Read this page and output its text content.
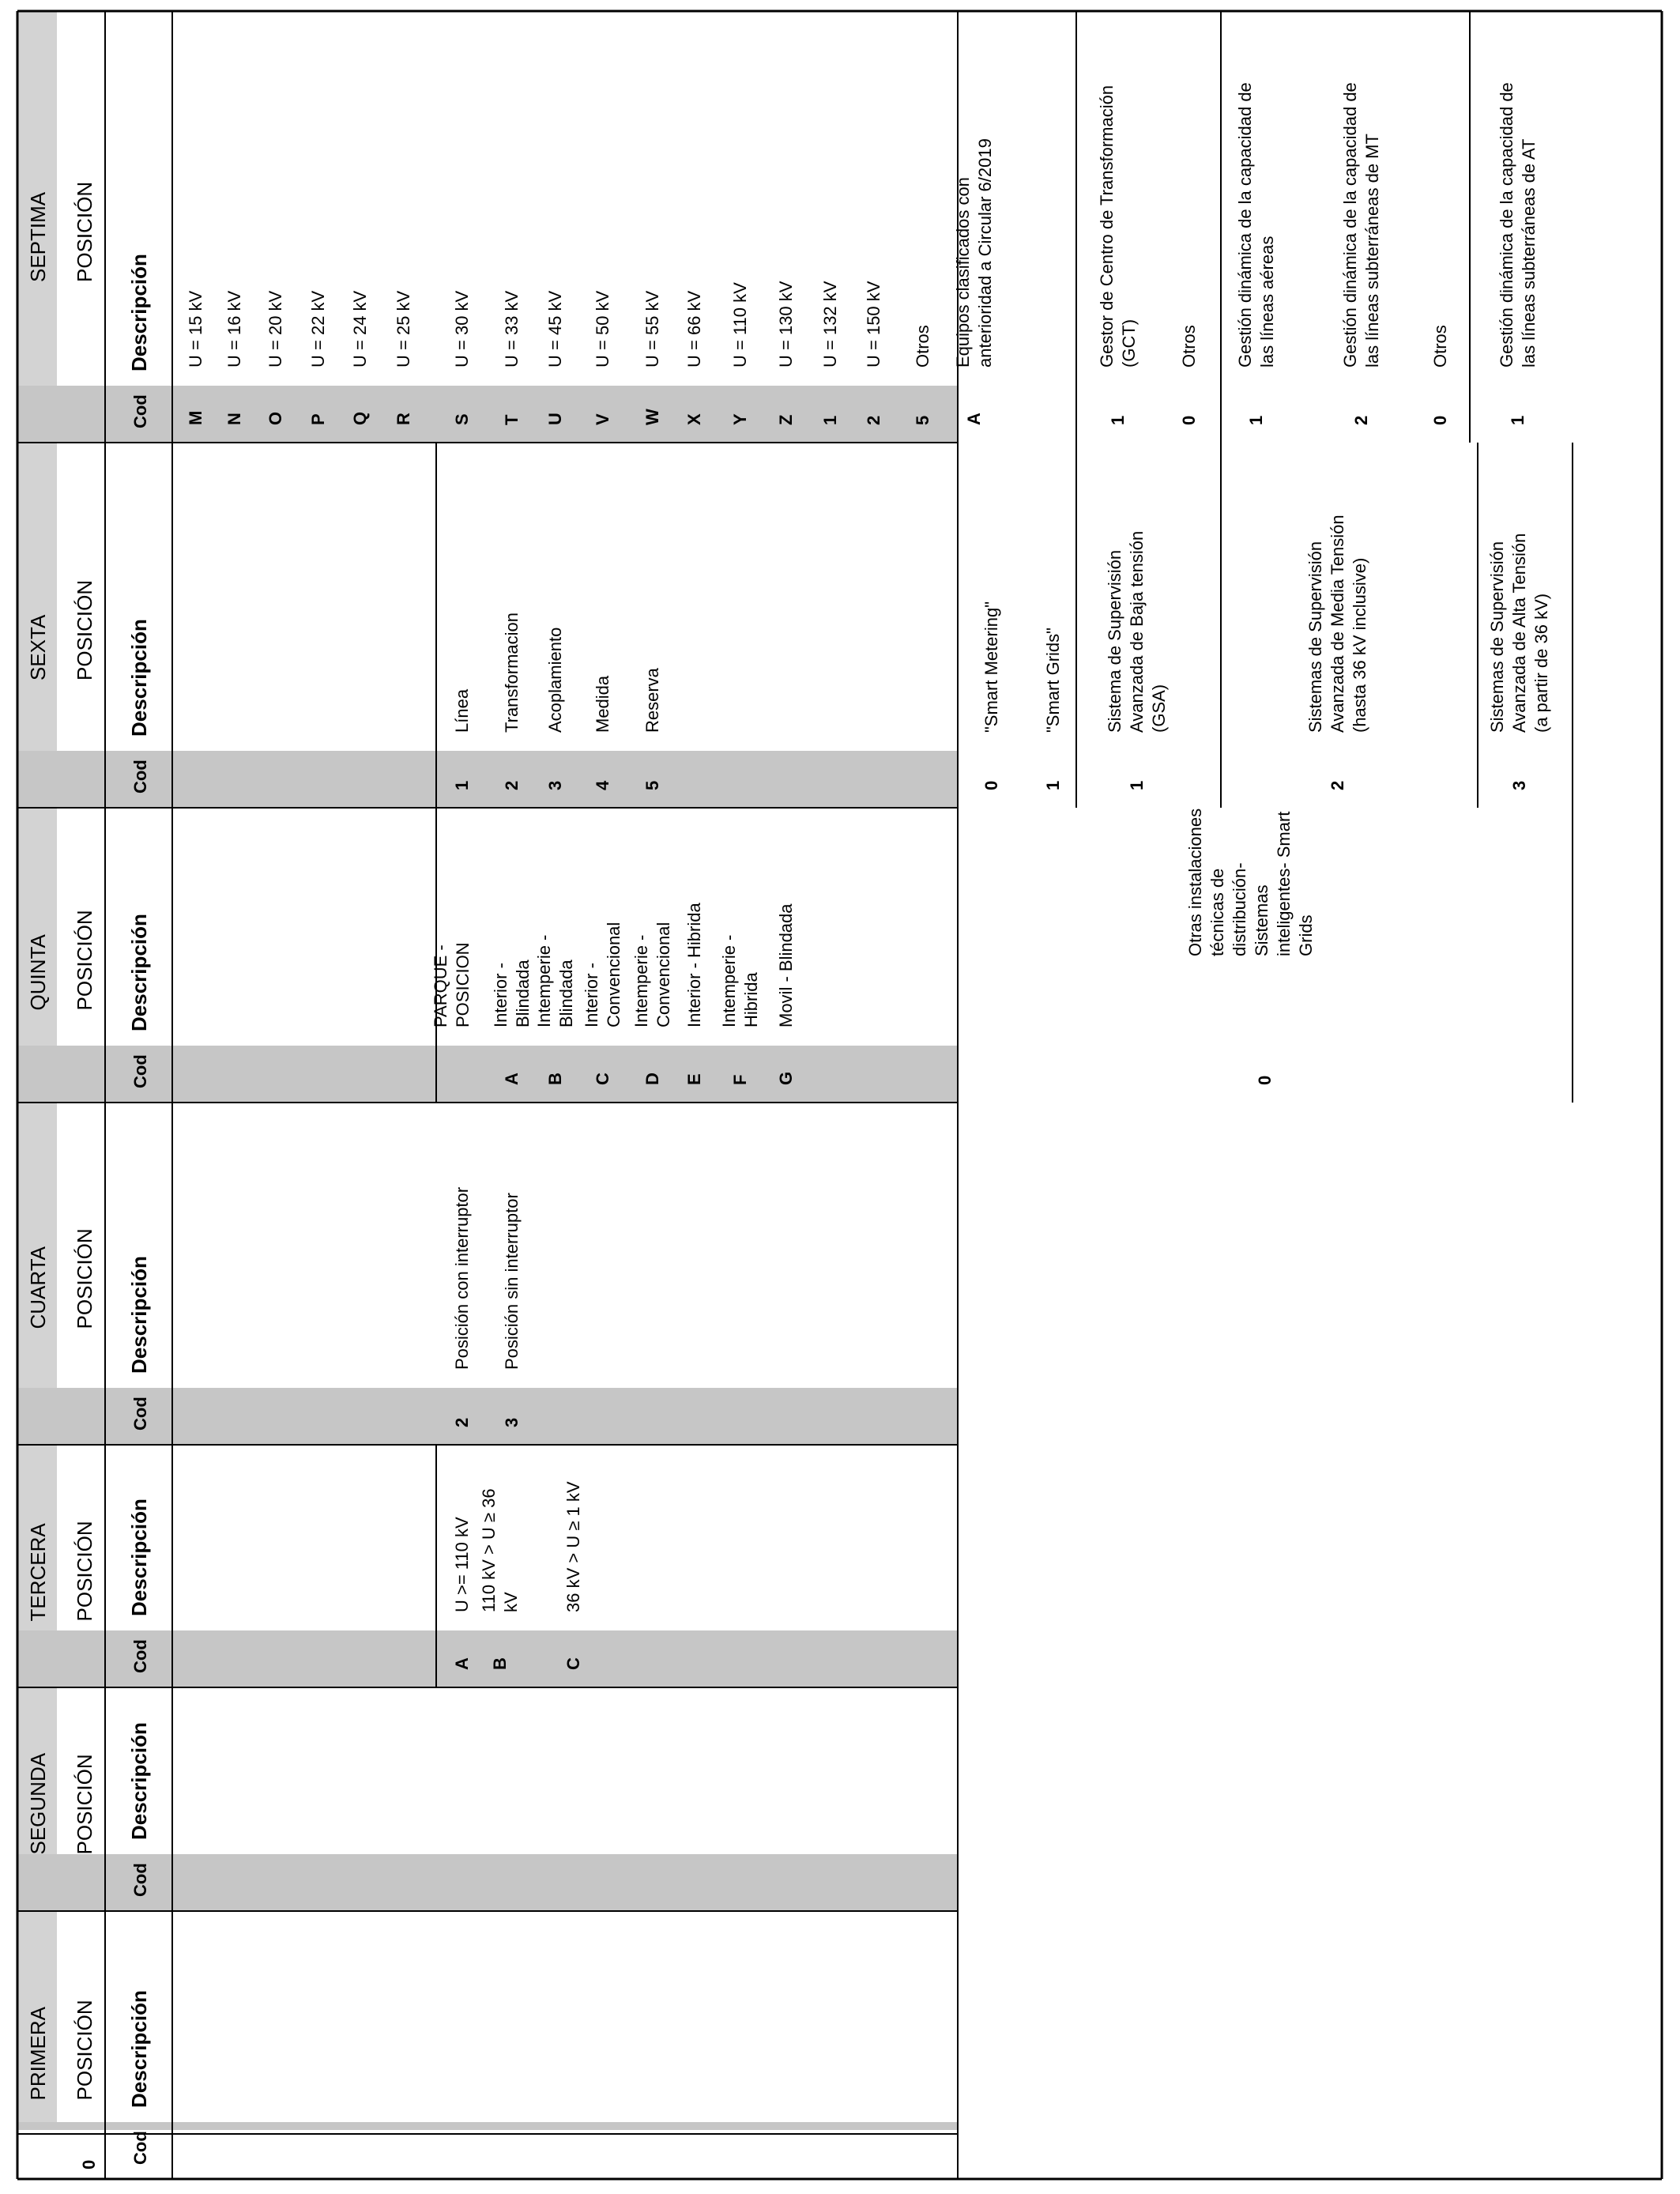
0
SEPTIMA POSICIÓN
Cod
Descripción
SEXTA POSICIÓN
Cod
Descripción
QUINTA POSICIÓN
Cod
Descripción
CUARTA POSICIÓN
Cod
Descripción
TERCERA POSICIÓN
Cod
Descripción
SEGUNDA POSICIÓN
Cod
Descripción
PRIMERA POSICIÓN
Cod
Descripción
M
U = 15 kV
N
U = 16 kV
O
U = 20 kV
P
U = 22 kV
Q
U = 24 kV
R
U = 25 kV
S
U = 30 kV
T
U = 33 kV
U
U = 45 kV
V
U = 50 kV
W
U = 55 kV
X
U = 66 kV
Y
U = 110 kV
Z
U = 130 kV
1
U = 132 kV
2
U = 150 kV
5
Otros
A
Equipos clasificados con anterioridad a Circular 6/2019
1
Gestor de Centro de Transformación (GCT)
0
Otros
1
Gestión dinámica de la capacidad de las líneas aéreas
2
Gestión dinámica de la capacidad de las líneas subterráneas de MT
0
Otros
1
Gestión dinámica de la capacidad de las líneas subterráneas de AT
1
Línea
2
Transformacion
3
Acoplamiento
4
Medida
5
Reserva
0
"Smart Metering"
1
"Smart Grids"
1
Sistema de Supervisión Avanzada de Baja tensión (GSA)
2
Sistemas de Supervisión Avanzada de Media Tensión (hasta 36 kV inclusive)
3
Sistemas de Supervisión Avanzada de Alta Tensión (a partir de 36 kV)
PARQUE - POSICION
A
Interior - Blindada
B
Intemperie - Blindada
C
Interior - Convencional
D
Intemperie - Convencional
E
Interior - Hibrida
F
Intemperie - Hibrida
G
Movil - Blindada
0
Otras instalaciones técnicas de distribución- Sistemas inteligentes- Smart Grids
2
Posición con interruptor
3
Posición sin interruptor
A
U >= 110 kV
B
110 kV > U ≥ 36 kV
C
36 kV > U ≥ 1 kV
